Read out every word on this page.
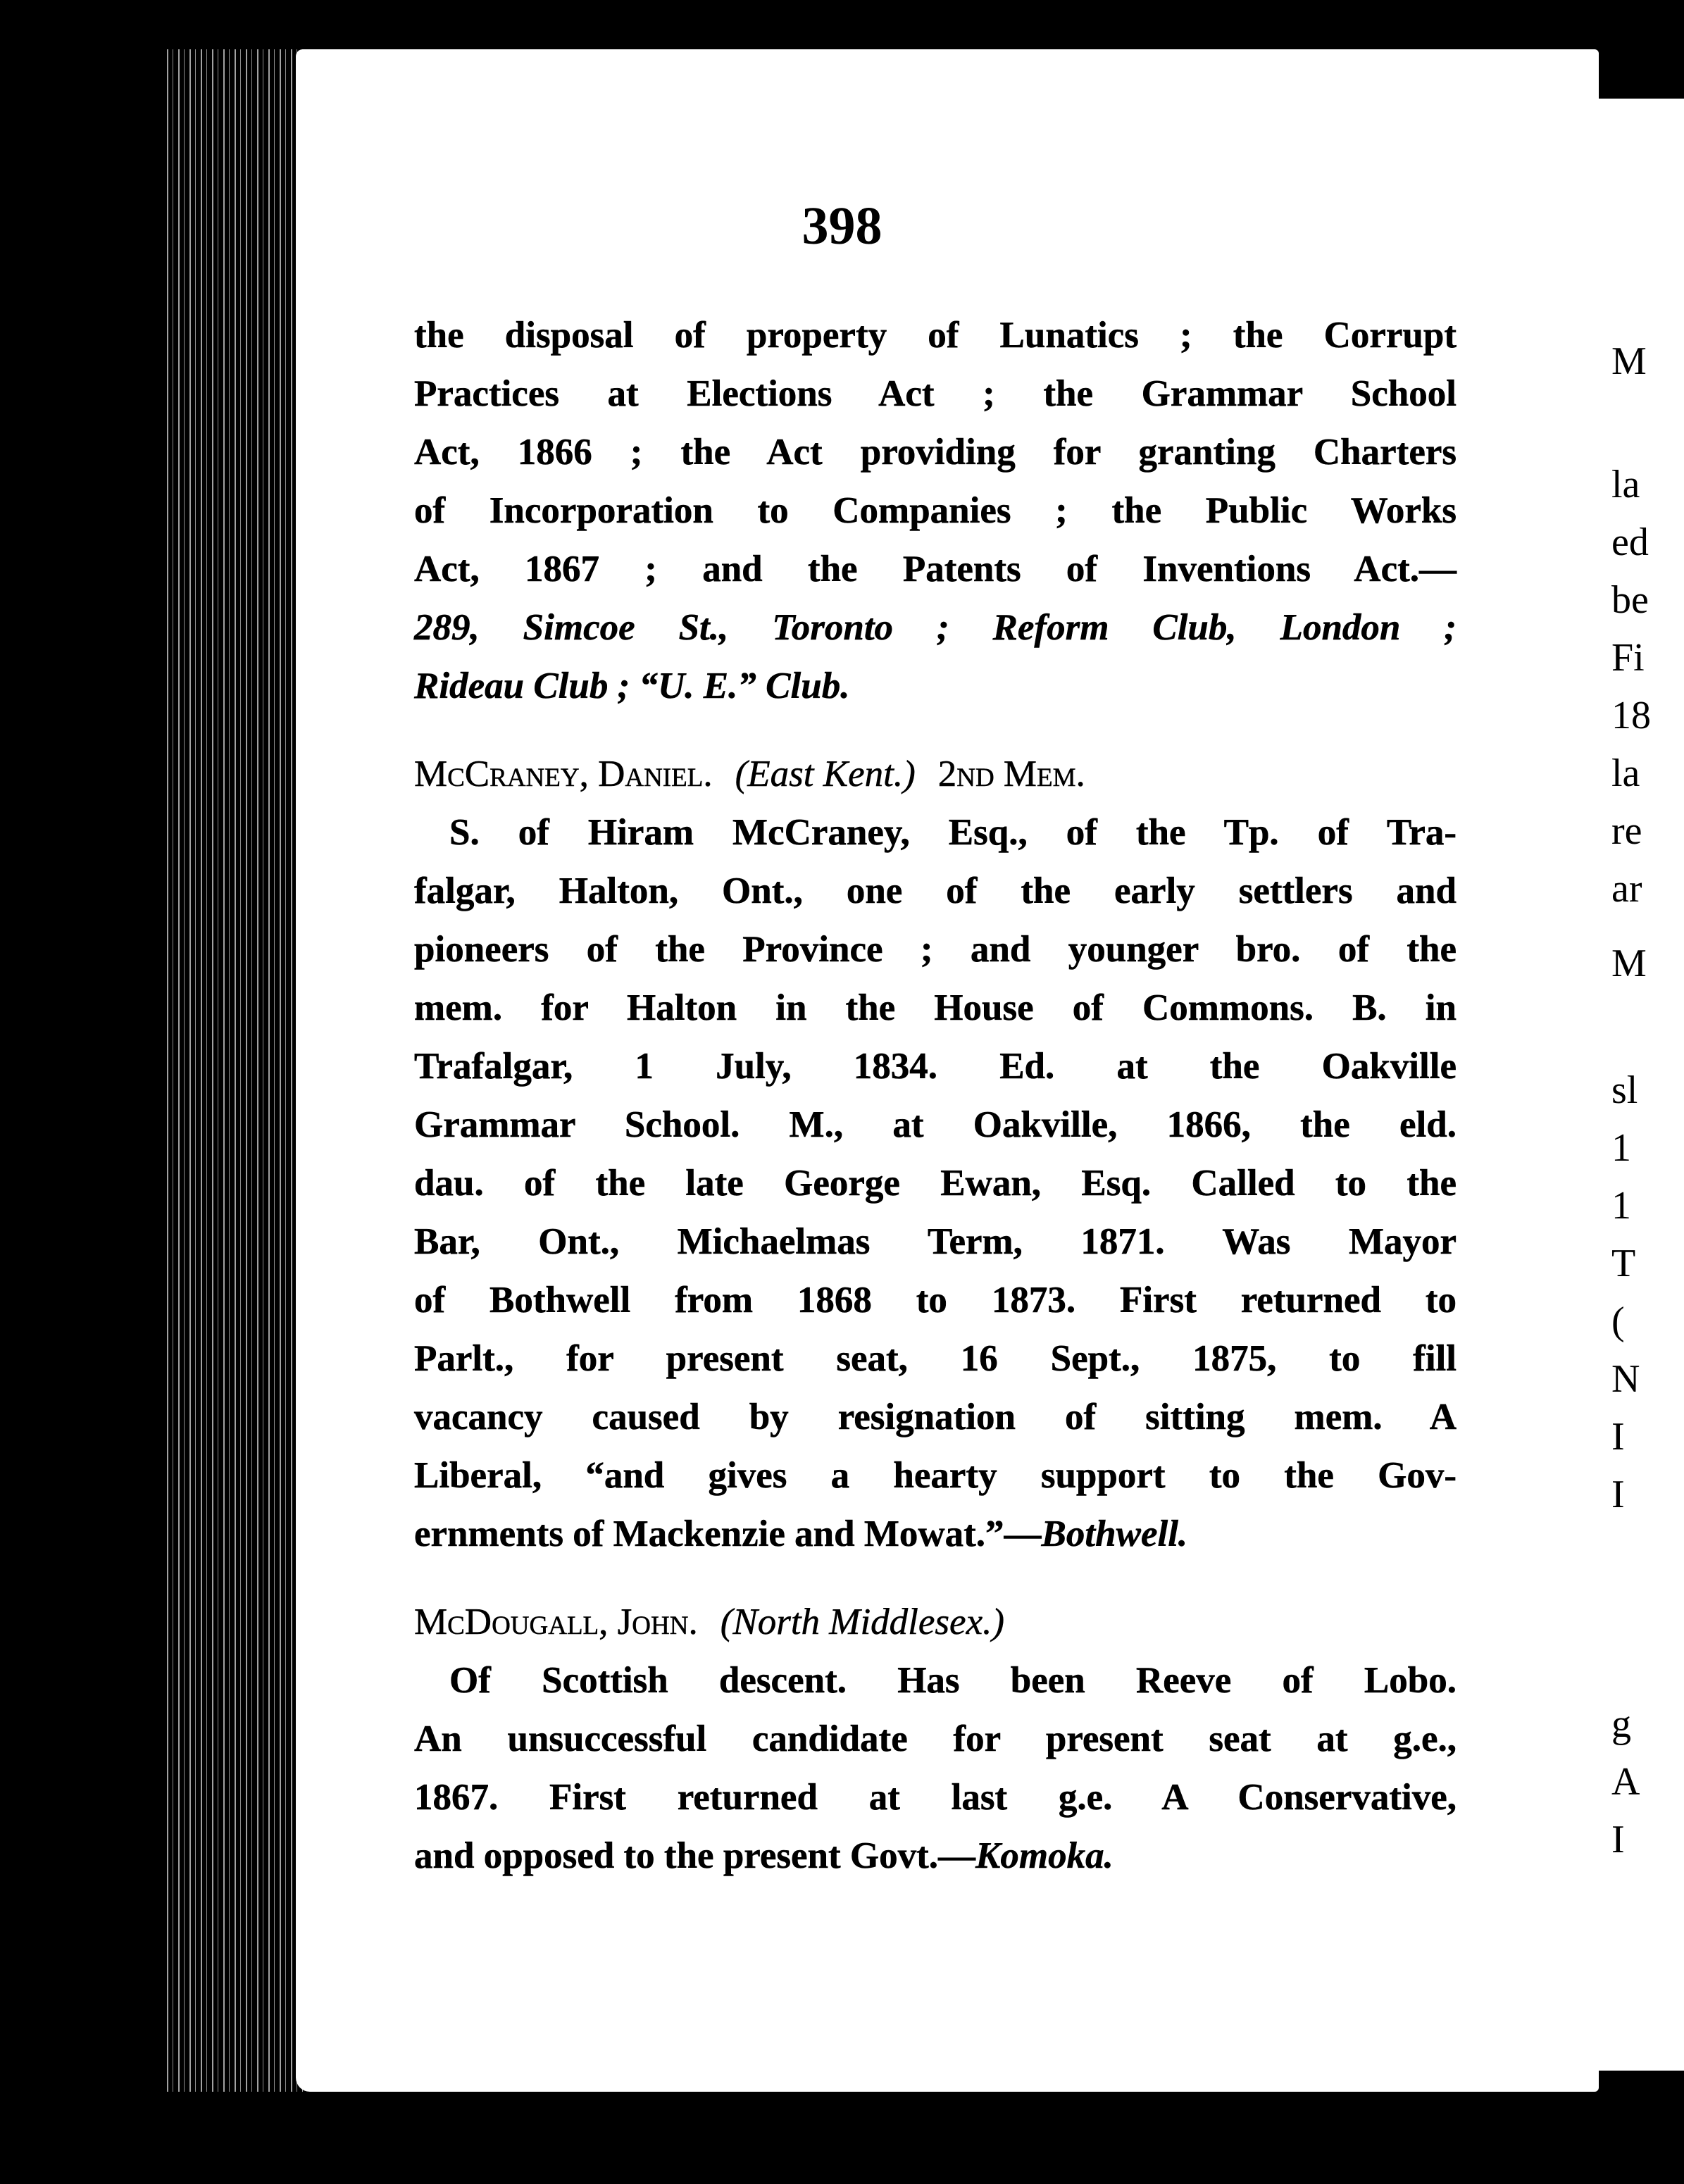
M
la
ed
be
Fi
18
la
re
ar
M
sl
1
1
T
(
N
I
I
g
A
I
398
the disposal of property of Lunatics ; the Corrupt
Practices at Elections Act ; the Grammar School
Act, 1866 ; the Act providing for granting Charters
of Incorporation to Companies ; the Public Works
Act, 1867 ; and the Patents of Inventions Act.—
289, Simcoe St., Toronto ; Reform Club, London ;
Rideau Club ; “U. E.” Club.
McCraney, Daniel. (East Kent.) 2nd Mem.
S. of Hiram McCraney, Esq., of the Tp. of Tra-
falgar, Halton, Ont., one of the early settlers and
pioneers of the Province ; and younger bro. of the
mem. for Halton in the House of Commons. B. in
Trafalgar, 1 July, 1834. Ed. at the Oakville
Grammar School. M., at Oakville, 1866, the eld.
dau. of the late George Ewan, Esq. Called to the
Bar, Ont., Michaelmas Term, 1871. Was Mayor
of Bothwell from 1868 to 1873. First returned to
Parlt., for present seat, 16 Sept., 1875, to fill
vacancy caused by resignation of sitting mem. A
Liberal, “and gives a hearty support to the Gov-
ernments of Mackenzie and Mowat.”—Bothwell.
McDougall, John. (North Middlesex.)
Of Scottish descent. Has been Reeve of Lobo.
An unsuccessful candidate for present seat at g.e.,
1867. First returned at last g.e. A Conservative,
and opposed to the present Govt.—Komoka.
